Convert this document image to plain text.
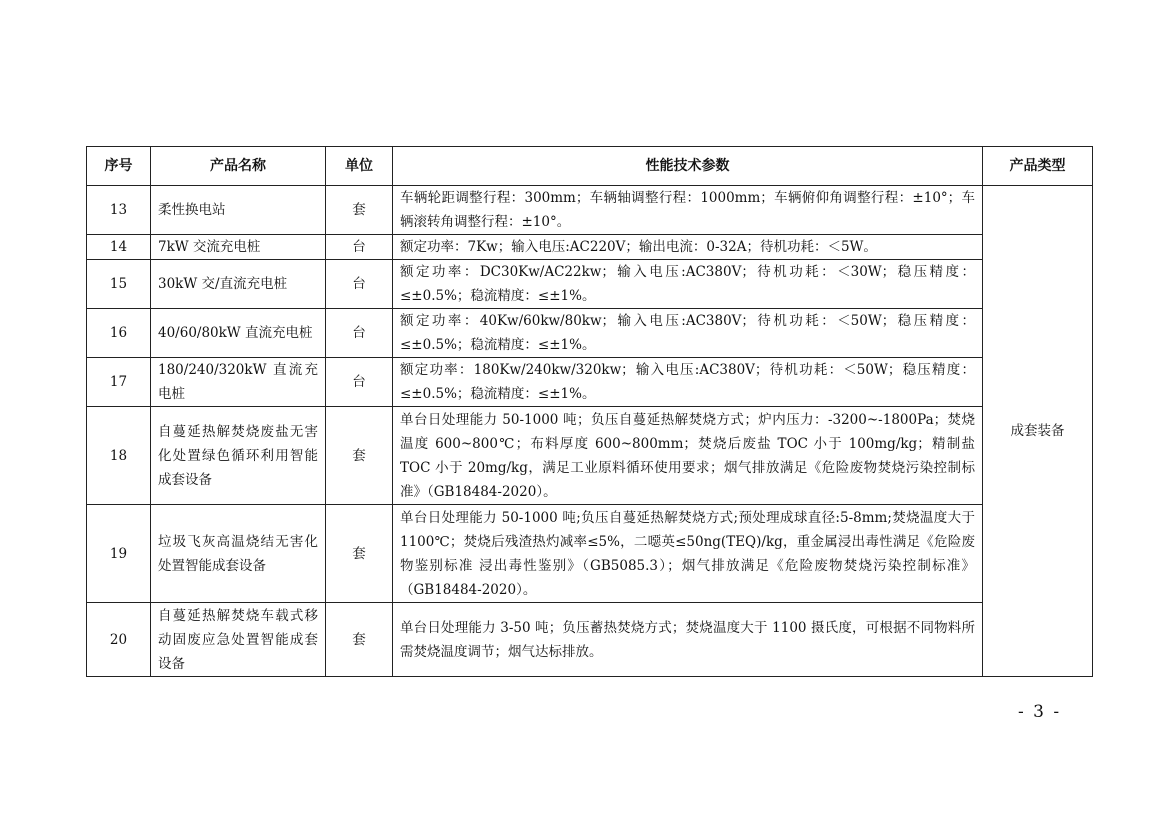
序号	产品名称	单位	性能技术参数	产品类型
13	柔性换电站	套	车辆轮距调整行程：300mm；车辆轴调整行程：1000mm；车辆俯仰角调整行程：±10°；车辆滚转角调整行程：±10°。	成套装备
14	7kW 交流充电桩	台	额定功率：7Kw；输入电压:AC220V；输出电流：0-32A；待机功耗：＜5W。	
15	30kW 交/直流充电桩	台	额定功率：DC30Kw/AC22kw；输入电压:AC380V；待机功耗：＜30W；稳压精度：≤±0.5%；稳流精度：≤±1%。	
16	40/60/80kW 直流充电桩	台	额定功率：40Kw/60kw/80kw；输入电压:AC380V；待机功耗：＜50W；稳压精度：≤±0.5%；稳流精度：≤±1%。	
17	180/240/320kW 直流充电桩	台	额定功率：180Kw/240kw/320kw；输入电压:AC380V；待机功耗：＜50W；稳压精度：≤±0.5%；稳流精度：≤±1%。	
18	自蔓延热解焚烧废盐无害化处置绿色循环利用智能成套设备	套	单台日处理能力 50-1000 吨；负压自蔓延热解焚烧方式；炉内压力：-3200~-1800Pa；焚烧温度 600~800℃；布料厚度 600~800mm；焚烧后废盐 TOC 小于 100mg/kg；精制盐 TOC 小于 20mg/kg，满足工业原料循环使用要求；烟气排放满足《危险废物焚烧污染控制标准》（GB18484-2020）。	
19	垃圾飞灰高温烧结无害化处置智能成套设备	套	单台日处理能力 50-1000 吨;负压自蔓延热解焚烧方式;预处理成球直径:5-8mm;焚烧温度大于 1100℃；焚烧后残渣热灼减率≤5%，二噁英≤50ng(TEQ)/kg，重金属浸出毒性满足《危险废物鉴别标准 浸出毒性鉴别》（GB5085.3）；烟气排放满足《危险废物焚烧污染控制标准》（GB18484-2020）。	
20	自蔓延热解焚烧车载式移动固废应急处置智能成套设备	套	单台日处理能力 3-50 吨；负压蓄热焚烧方式；焚烧温度大于 1100 摄氏度，可根据不同物料所需焚烧温度调节；烟气达标排放。	
- 3 -
